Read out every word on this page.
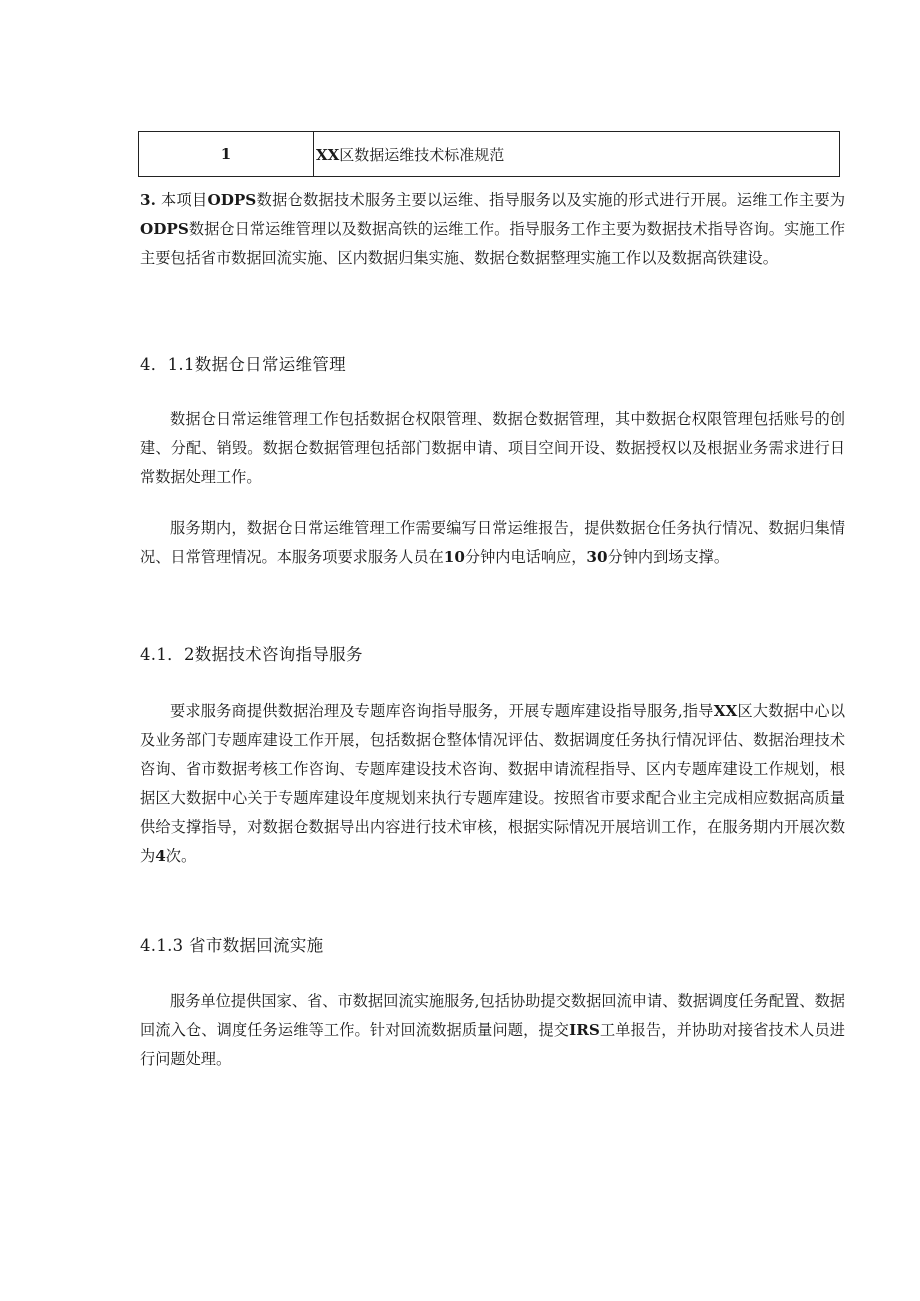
1	XX区数据运维技术标准规范

3. 本项目ODPS数据仓数据技术服务主要以运维、指导服务以及实施的形式进行开展。运维工作主要为ODPS数据仓日常运维管理以及数据高铁的运维工作。指导服务工作主要为数据技术指导咨询。实施工作主要包括省市数据回流实施、区内数据归集实施、数据仓数据整理实施工作以及数据高铁建设。

4．1.1数据仓日常运维管理

数据仓日常运维管理工作包括数据仓权限管理、数据仓数据管理，其中数据仓权限管理包括账号的创建、分配、销毁。数据仓数据管理包括部门数据申请、项目空间开设、数据授权以及根据业务需求进行日常数据处理工作。

服务期内，数据仓日常运维管理工作需要编写日常运维报告，提供数据仓任务执行情况、数据归集情况、日常管理情况。本服务项要求服务人员在10分钟内电话响应，30分钟内到场支撑。

4.1．2数据技术咨询指导服务

要求服务商提供数据治理及专题库咨询指导服务，开展专题库建设指导服务,指导XX区大数据中心以及业务部门专题库建设工作开展，包括数据仓整体情况评估、数据调度任务执行情况评估、数据治理技术咨询、省市数据考核工作咨询、专题库建设技术咨询、数据申请流程指导、区内专题库建设工作规划，根据区大数据中心关于专题库建设年度规划来执行专题库建设。按照省市要求配合业主完成相应数据高质量供给支撑指导，对数据仓数据导出内容进行技术审核，根据实际情况开展培训工作，在服务期内开展次数为4次。

4.1.3 省市数据回流实施

服务单位提供国家、省、市数据回流实施服务,包括协助提交数据回流申请、数据调度任务配置、数据回流入仓、调度任务运维等工作。针对回流数据质量问题，提交IRS工单报告，并协助对接省技术人员进行问题处理。
